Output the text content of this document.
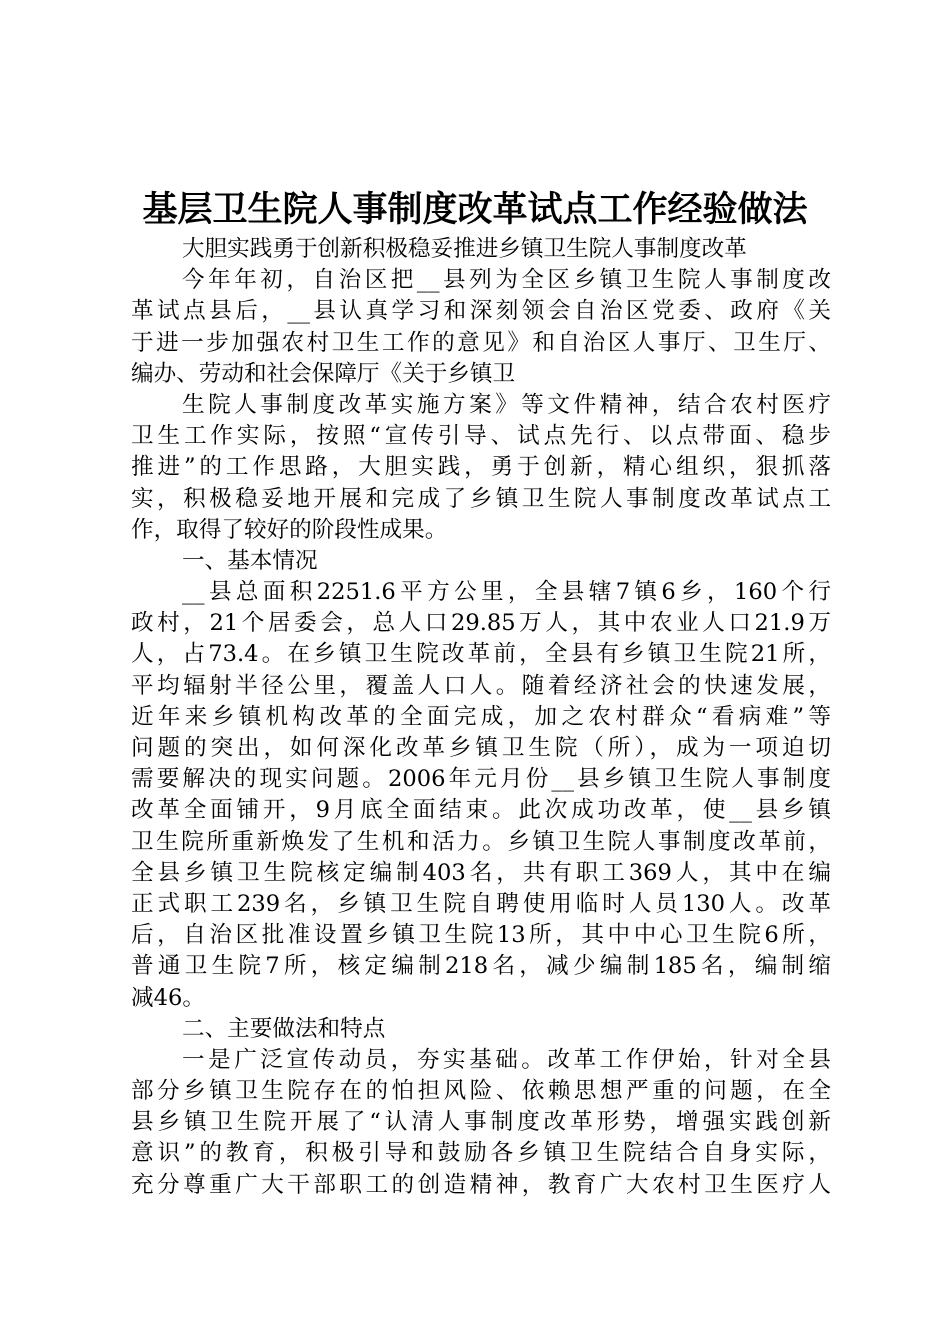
基层卫生院人事制度改革试点工作经验做法
大胆实践勇于创新积极稳妥推进乡镇卫生院人事制度改革
今年年初，自治区把__县列为全区乡镇卫生院人事制度改
革试点县后，__县认真学习和深刻领会自治区党委、政府《关
于进一步加强农村卫生工作的意见》和自治区人事厅、卫生厅、
编办、劳动和社会保障厅《关于乡镇卫
生院人事制度改革实施方案》等文件精神，结合农村医疗
卫生工作实际，按照“宣传引导、试点先行、以点带面、稳步
推进”的工作思路，大胆实践，勇于创新，精心组织，狠抓落
实，积极稳妥地开展和完成了乡镇卫生院人事制度改革试点工
作，取得了较好的阶段性成果。
一、基本情况
__县总面积2251.6平方公里，全县辖7镇6乡，160个行
政村，21个居委会，总人口29.85万人，其中农业人口21.9万
人，占73.4。在乡镇卫生院改革前，全县有乡镇卫生院21所，
平均辐射半径公里，覆盖人口人。随着经济社会的快速发展，
近年来乡镇机构改革的全面完成，加之农村群众“看病难”等
问题的突出，如何深化改革乡镇卫生院（所），成为一项迫切
需要解决的现实问题。2006年元月份__县乡镇卫生院人事制度
改革全面铺开，9月底全面结束。此次成功改革，使__县乡镇
卫生院所重新焕发了生机和活力。乡镇卫生院人事制度改革前，
全县乡镇卫生院核定编制403名，共有职工369人，其中在编
正式职工239名，乡镇卫生院自聘使用临时人员130人。改革
后，自治区批准设置乡镇卫生院13所，其中中心卫生院6所，
普通卫生院7所，核定编制218名，减少编制185名，编制缩
减46。
二、主要做法和特点
一是广泛宣传动员，夯实基础。改革工作伊始，针对全县
部分乡镇卫生院存在的怕担风险、依赖思想严重的问题，在全
县乡镇卫生院开展了“认清人事制度改革形势，增强实践创新
意识”的教育，积极引导和鼓励各乡镇卫生院结合自身实际，
充分尊重广大干部职工的创造精神，教育广大农村卫生医疗人
